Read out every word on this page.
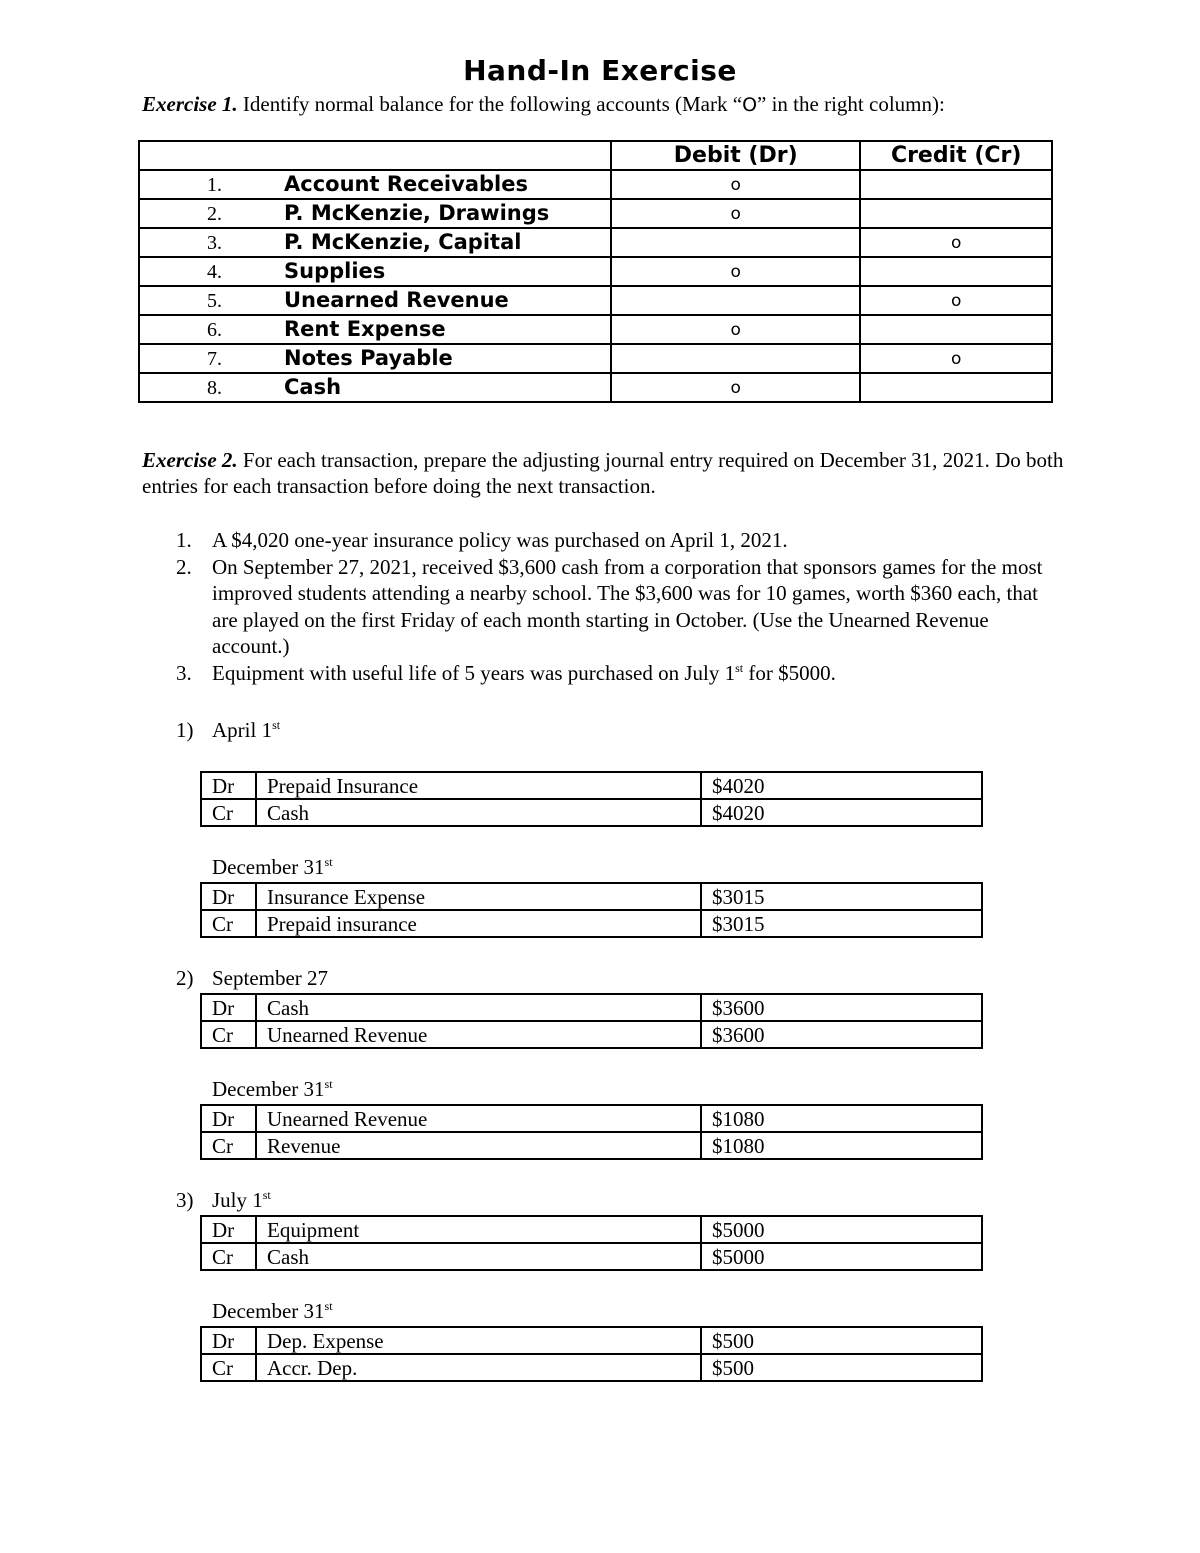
Hand-In Exercise
Exercise 1. Identify normal balance for the following accounts (Mark “O” in the right column):
	Debit (Dr)	Credit (Cr)
1. Account Receivables	o	
2. P. McKenzie, Drawings	o	
3. P. McKenzie, Capital		o
4. Supplies	o	
5. Unearned Revenue		o
6. Rent Expense	o	
7. Notes Payable		o
8. Cash	o	
Exercise 2. For each transaction, prepare the adjusting journal entry required on December 31, 2021. Do both entries for each transaction before doing the next transaction.
1. A $4,020 one-year insurance policy was purchased on April 1, 2021.
2. On September 27, 2021, received $3,600 cash from a corporation that sponsors games for the most improved students attending a nearby school. The $3,600 was for 10 games, worth $360 each, that are played on the first Friday of each month starting in October. (Use the Unearned Revenue account.)
3. Equipment with useful life of 5 years was purchased on July 1st for $5000.
1) April 1st
Dr	Prepaid Insurance	$4020
Cr	Cash	$4020
December 31st
Dr	Insurance Expense	$3015
Cr	Prepaid insurance	$3015
2) September 27
Dr	Cash	$3600
Cr	Unearned Revenue	$3600
December 31st
Dr	Unearned Revenue	$1080
Cr	Revenue	$1080
3) July 1st
Dr	Equipment	$5000
Cr	Cash	$5000
December 31st
Dr	Dep. Expense	$500
Cr	Accr. Dep.	$500
